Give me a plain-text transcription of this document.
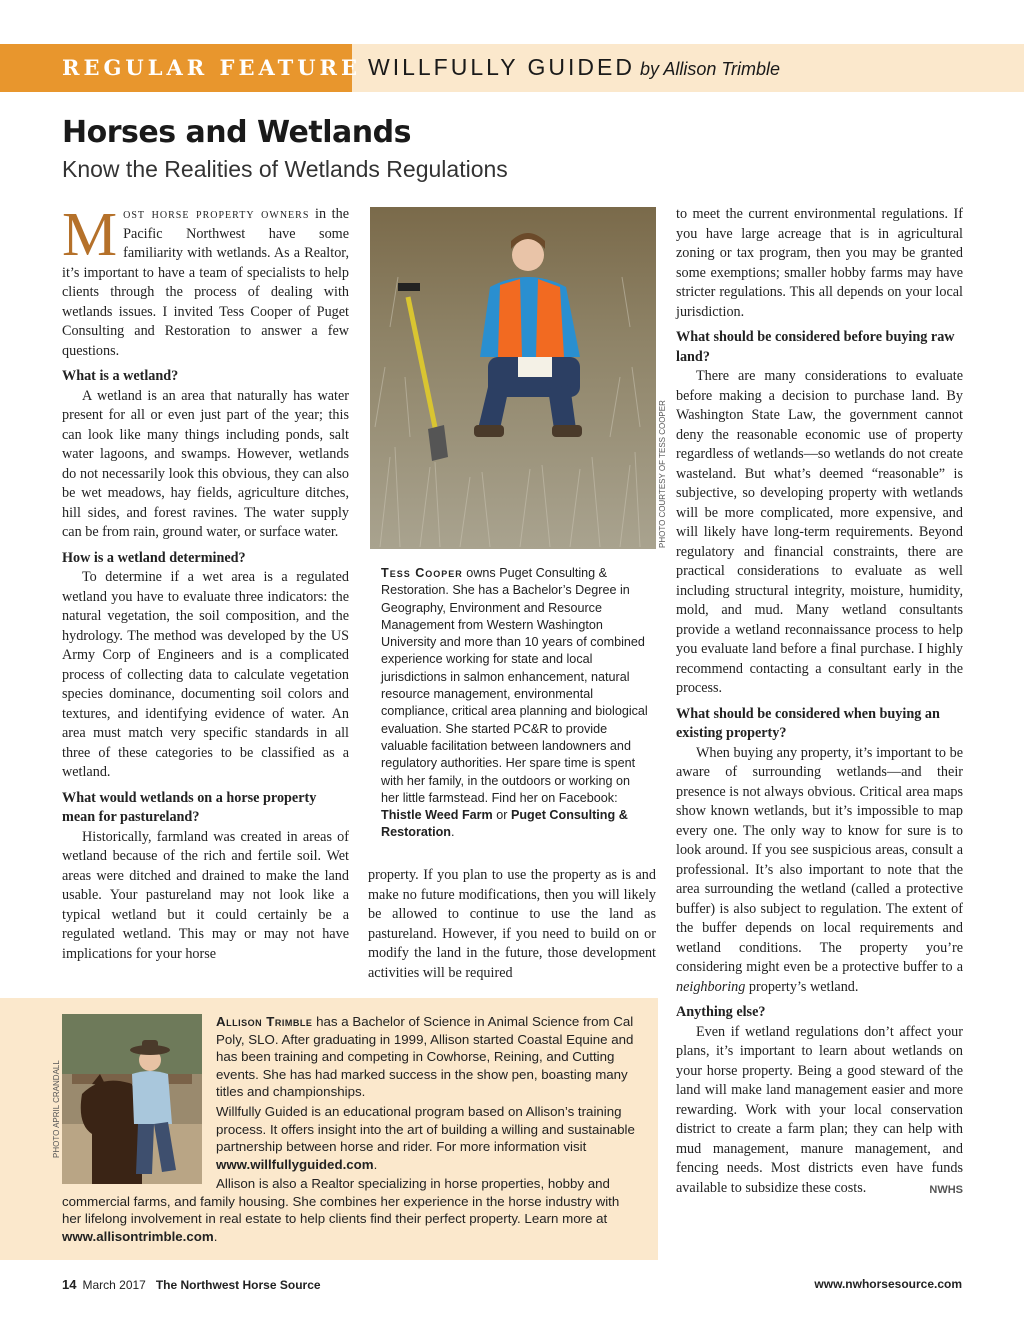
REGULAR FEATURE WILLFULLY GUIDED by Allison Trimble
Horses and Wetlands
Know the Realities of Wetlands Regulations

Most horse property owners in the Pacific Northwest have some familiarity with wetlands. As a Realtor, it’s important to have a team of specialists to help clients through the process of dealing with wetlands issues. I invited Tess Cooper of Puget Consulting and Restoration to answer a few questions.

What is a wetland?

A wetland is an area that naturally has water present for all or even just part of the year; this can look like many things including ponds, salt water lagoons, and swamps. However, wetlands do not necessarily look this obvious, they can also be wet meadows, hay fields, agriculture ditches, hill sides, and forest ravines. The water supply can be from rain, ground water, or surface water.

How is a wetland determined?

To determine if a wet area is a regulated wetland you have to evaluate three indicators: the natural vegetation, the soil composition, and the hydrology. The method was developed by the US Army Corp of Engineers and is a complicated process of collecting data to calculate vegetation species dominance, documenting soil colors and textures, and identifying evidence of water. An area must match very specific standards in all three of these categories to be classified as a wetland.

What would wetlands on a horse property mean for pastureland?

Historically, farmland was created in areas of wetland because of the rich and fertile soil. Wet areas were ditched and drained to make the land usable. Your pastureland may not look like a typical wetland but it could certainly be a regulated wetland. This may or may not have implications for your horse

PHOTO COURTESY OF TESS COOPER
Tess Cooper owns Puget Consulting & Restoration. She has a Bachelor’s Degree in Geography, Environment and Resource Management from Western Washington University and more than 10 years of combined experience working for state and local jurisdictions in salmon enhancement, natural resource management, environmental compliance, critical area planning and biological evaluation. She started PC&R to provide valuable facilitation between landowners and regulatory authorities. Her spare time is spent with her family, in the outdoors or working on her little farmstead. Find her on Facebook: Thistle Weed Farm or Puget Consulting & Restoration.

property. If you plan to use the property as is and make no future modifications, then you will likely be allowed to continue to use the land as pastureland. However, if you need to build on or modify the land in the future, those development activities will be required

to meet the current environmental regulations. If you have large acreage that is in agricultural zoning or tax program, then you may be granted some exemptions; smaller hobby farms may have stricter regulations. This all depends on your local jurisdiction.

What should be considered before buying raw land?

There are many considerations to evaluate before making a decision to purchase land. By Washington State Law, the government cannot deny the reasonable economic use of property regardless of wetlands—so wetlands do not create wasteland. But what’s deemed “reasonable” is subjective, so developing property with wetlands will be more complicated, more expensive, and will likely have long-term requirements. Beyond regulatory and financial constraints, there are practical considerations to evaluate as well including structural integrity, moisture, humidity, mold, and mud. Many wetland consultants provide a wetland reconnaissance process to help you evaluate land before a final purchase. I highly recommend contacting a consultant early in the process.

What should be considered when buying an existing property?

When buying any property, it’s important to be aware of surrounding wetlands—and their presence is not always obvious. Critical area maps show known wetlands, but it’s impossible to map every one. The only way to know for sure is to look around. If you see suspicious areas, consult a professional. It’s also important to note that the area surrounding the wetland (called a protective buffer) is also subject to regulation. The extent of the buffer depends on local requirements and wetland conditions. The property you’re considering might even be a protective buffer to a neighboring property’s wetland.

Anything else?

Even if wetland regulations don’t affect your plans, it’s important to learn about wetlands on your horse property. Being a good steward of the land will make land management easier and more rewarding. Work with your local conservation district to create a farm plan; they can help with mud management, manure management, and fencing needs. Most districts even have funds available to subsidize these costs.	NWHS

PHOTO APRIL CRANDALL
Allison Trimble has a Bachelor of Science in Animal Science from Cal Poly, SLO. After graduating in 1999, Allison started Coastal Equine and has been training and competing in Cowhorse, Reining, and Cutting events. She has had marked success in the show pen, boasting many titles and championships.
Willfully Guided is an educational program based on Allison’s training process. It offers insight into the art of building a willing and sustainable partnership between horse and rider. For more information visit www.willfullyguided.com.
Allison is also a Realtor specializing in horse properties, hobby and commercial farms, and family housing. She combines her experience in the horse industry with her lifelong involvement in real estate to help clients find their perfect property. Learn more at www.allisontrimble.com.
14 March 2017 The Northwest Horse Source	www.nwhorsesource.com
